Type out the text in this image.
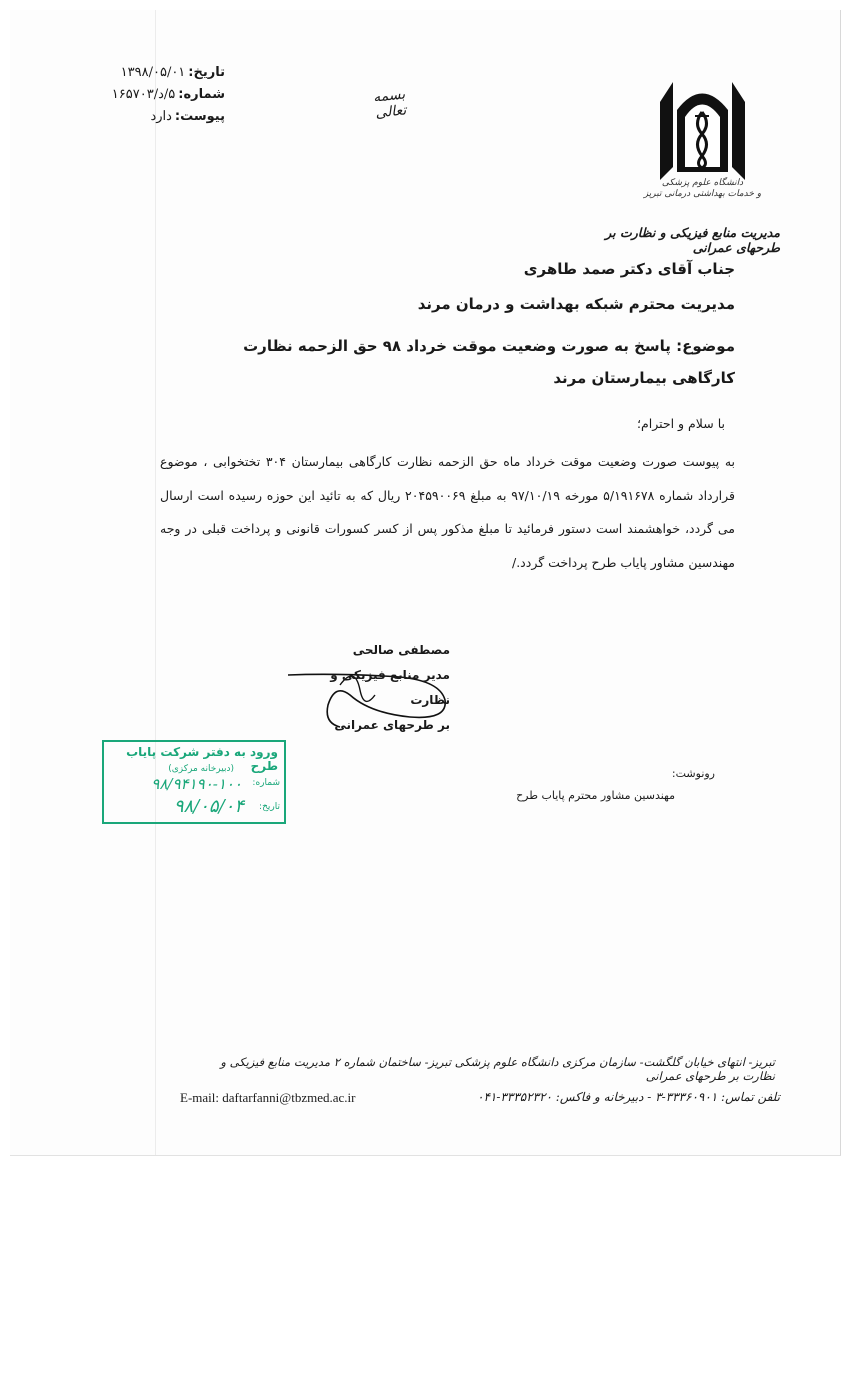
تاریخ:۱۳۹۸/۰۵/۰۱
شماره:۵/د/۱۶۵۷۰۳
پیوست:دارد
بسمه تعالی
دانشگاه علوم پزشکی
و خدمات بهداشتی درمانی تبریز
مدیریت منابع فیزیکی و نظارت بر طرحهای عمرانی
جناب آقای دکتر صمد طاهری
مدیریت محترم شبکه بهداشت و درمان مرند
موضوع: پاسخ به صورت وضعیت موقت خرداد ۹۸ حق الزحمه نظارت کارگاهی بیمارستان مرند
با سلام و احترام؛
به پیوست صورت وضعیت موقت خرداد ماه حق الزحمه نظارت کارگاهی بیمارستان ۳۰۴ تختخوابی ، موضوع قرارداد شماره ۵/۱۹۱۶۷۸ مورخه ۹۷/۱۰/۱۹ به مبلغ ۲۰۴۵۹۰۰۶۹ ریال که به تائید این حوزه رسیده است ارسال می گردد، خواهشمند است دستور فرمائید تا مبلغ مذکور پس از کسر کسورات قانونی و پرداخت قبلی در وجه مهندسین مشاور پایاب طرح پرداخت گردد./
مصطفی صالحی
مدیر منابع فیزیکی و نظارت
بر طرحهای عمرانی
ورود به دفتر شرکت پایاب طرح
(دبیرخانه مرکزی)
شماره:
۹۸/۹۴۱۹۰-۱۰۰
تاریخ:
۹۸/۰۵/۰۴
رونوشت:
مهندسین مشاور محترم پایاب طرح
تبریز- انتهای خیابان گلگشت- سازمان مرکزی دانشگاه علوم پزشکی تبریز- ساختمان شماره ۲ مدیریت منابع فیزیکی و نظارت بر طرحهای عمرانی
E-mail: daftarfanni@tbzmed.ac.ir	تلفن تماس: ۳۳۳۶۰۹۰۱-۳ - دبیرخانه و فاکس: ۳۳۳۵۲۳۲۰-۰۴۱
